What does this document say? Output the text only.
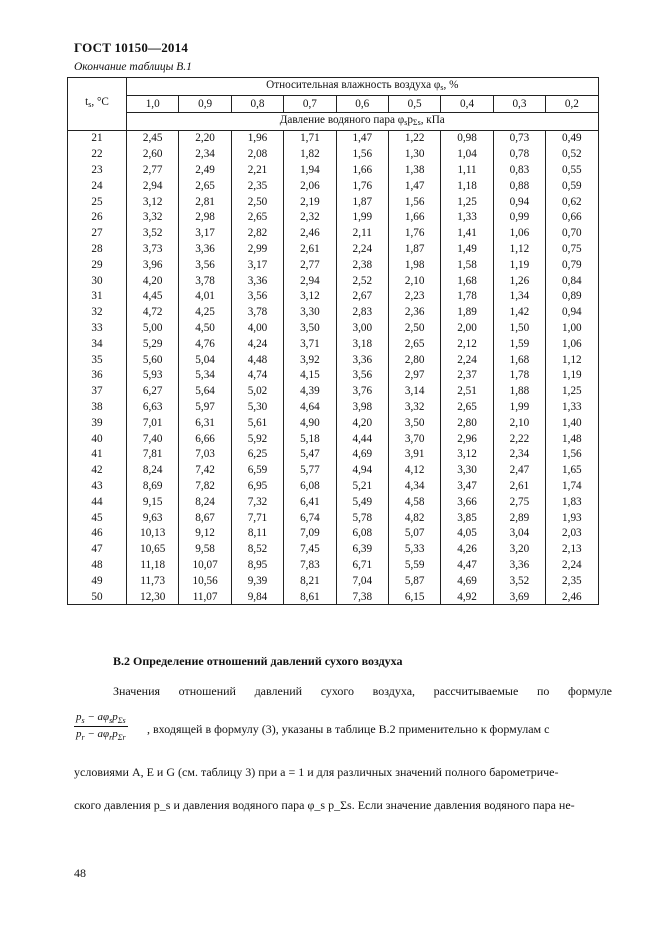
ГОСТ 10150—2014
Окончание таблицы В.1
$t_s$, °C	Относительная влажность воздуха $\varphi_s$, %								
	1,0	0,9	0,8	0,7	0,6	0,5	0,4	0,3	0,2
	Давление водяного пара $\varphi_sp_{\Sigma s}$, кПа								
21	2,45	2,20	1,96	1,71	1,47	1,22	0,98	0,73	0,49
22	2,60	2,34	2,08	1,82	1,56	1,30	1,04	0,78	0,52
23	2,77	2,49	2,21	1,94	1,66	1,38	1,11	0,83	0,55
24	2,94	2,65	2,35	2,06	1,76	1,47	1,18	0,88	0,59
25	3,12	2,81	2,50	2,19	1,87	1,56	1,25	0,94	0,62
26	3,32	2,98	2,65	2,32	1,99	1,66	1,33	0,99	0,66
27	3,52	3,17	2,82	2,46	2,11	1,76	1,41	1,06	0,70
28	3,73	3,36	2,99	2,61	2,24	1,87	1,49	1,12	0,75
29	3,96	3,56	3,17	2,77	2,38	1,98	1,58	1,19	0,79
30	4,20	3,78	3,36	2,94	2,52	2,10	1,68	1,26	0,84
31	4,45	4,01	3,56	3,12	2,67	2,23	1,78	1,34	0,89
32	4,72	4,25	3,78	3,30	2,83	2,36	1,89	1,42	0,94
33	5,00	4,50	4,00	3,50	3,00	2,50	2,00	1,50	1,00
34	5,29	4,76	4,24	3,71	3,18	2,65	2,12	1,59	1,06
35	5,60	5,04	4,48	3,92	3,36	2,80	2,24	1,68	1,12
36	5,93	5,34	4,74	4,15	3,56	2,97	2,37	1,78	1,19
37	6,27	5,64	5,02	4,39	3,76	3,14	2,51	1,88	1,25
38	6,63	5,97	5,30	4,64	3,98	3,32	2,65	1,99	1,33
39	7,01	6,31	5,61	4,90	4,20	3,50	2,80	2,10	1,40
40	7,40	6,66	5,92	5,18	4,44	3,70	2,96	2,22	1,48
41	7,81	7,03	6,25	5,47	4,69	3,91	3,12	2,34	1,56
42	8,24	7,42	6,59	5,77	4,94	4,12	3,30	2,47	1,65
43	8,69	7,82	6,95	6,08	5,21	4,34	3,47	2,61	1,74
44	9,15	8,24	7,32	6,41	5,49	4,58	3,66	2,75	1,83
45	9,63	8,67	7,71	6,74	5,78	4,82	3,85	2,89	1,93
46	10,13	9,12	8,11	7,09	6,08	5,07	4,05	3,04	2,03
47	10,65	9,58	8,52	7,45	6,39	5,33	4,26	3,20	2,13
48	11,18	10,07	8,95	7,83	6,71	5,59	4,47	3,36	2,24
49	11,73	10,56	9,39	8,21	7,04	5,87	4,69	3,52	2,35
50	12,30	11,07	9,84	8,61	7,38	6,15	4,92	3,69	2,46
В.2 Определение отношений давлений сухого воздуха
Значения отношений давлений сухого воздуха, рассчитываемые по формуле
$p_s - a\varphi_sp_{\Sigma s}$
$p_r - a\varphi_rp_{\Sigma r}$
, входящей в формулу (3), указаны в таблице В.2 применительно к формулам с
условиями A, E и G (см. таблицу 3) при a = 1 и для различных значений полного барометриче-
ского давления p_s и давления водяного пара φ_s p_Σs. Если значение давления водяного пара не-
48
